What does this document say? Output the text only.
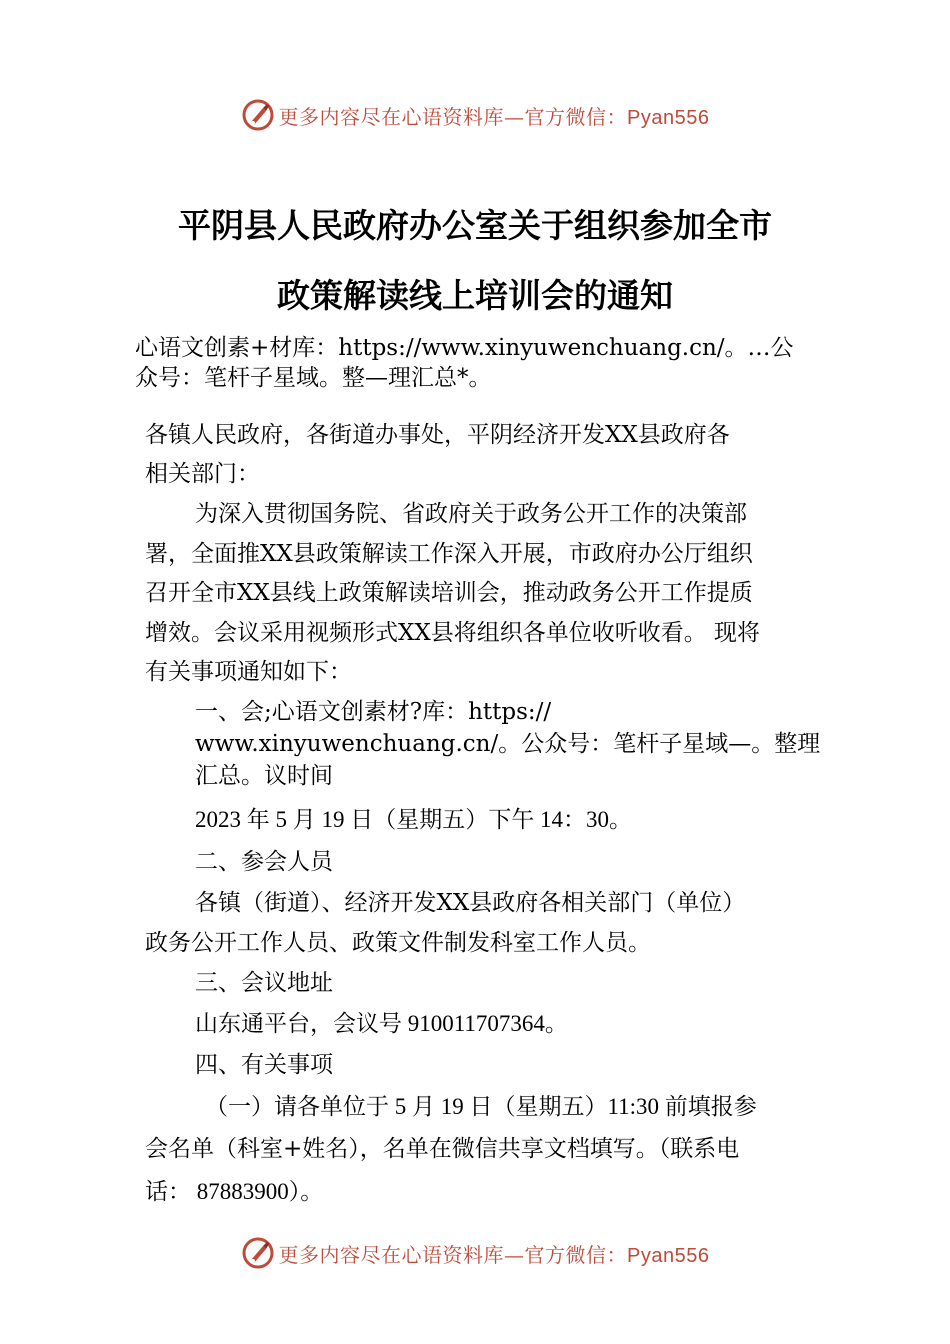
更多内容尽在心语资料库—官方微信：Pyan556
平阴县人民政府办公室关于组织参加全市
政策解读线上培训会的通知
心语文创素+材库：https://www.xinyuwenchuang.cn/。…公
众号：笔杆子星域。整—理汇总*。
各镇人民政府，各街道办事处，平阴经济开发XX县政府各
相关部门：
为深入贯彻国务院、省政府关于政务公开工作的决策部
署，全面推XX县政策解读工作深入开展，市政府办公厅组织
召开全市XX县线上政策解读培训会，推动政务公开工作提质
增效。会议采用视频形式XX县将组织各单位收听收看。 现将
有关事项通知如下：
一、会;心语文创素材?库：https://
www.xinyuwenchuang.cn/。公众号：笔杆子星域—。整理
汇总。议时间
2023 年 5 月 19 日（星期五）下午 14：30。
二、参会人员
各镇（街道）、经济开发XX县政府各相关部门（单位）
政务公开工作人员、政策文件制发科室工作人员。
三、会议地址
山东通平台，会议号 910011707364。
四、有关事项
（一）请各单位于 5 月 19 日（星期五）11:30 前填报参
会名单（科室+姓名），名单在微信共享文档填写。（联系电
话： 87883900）。
更多内容尽在心语资料库—官方微信：Pyan556
